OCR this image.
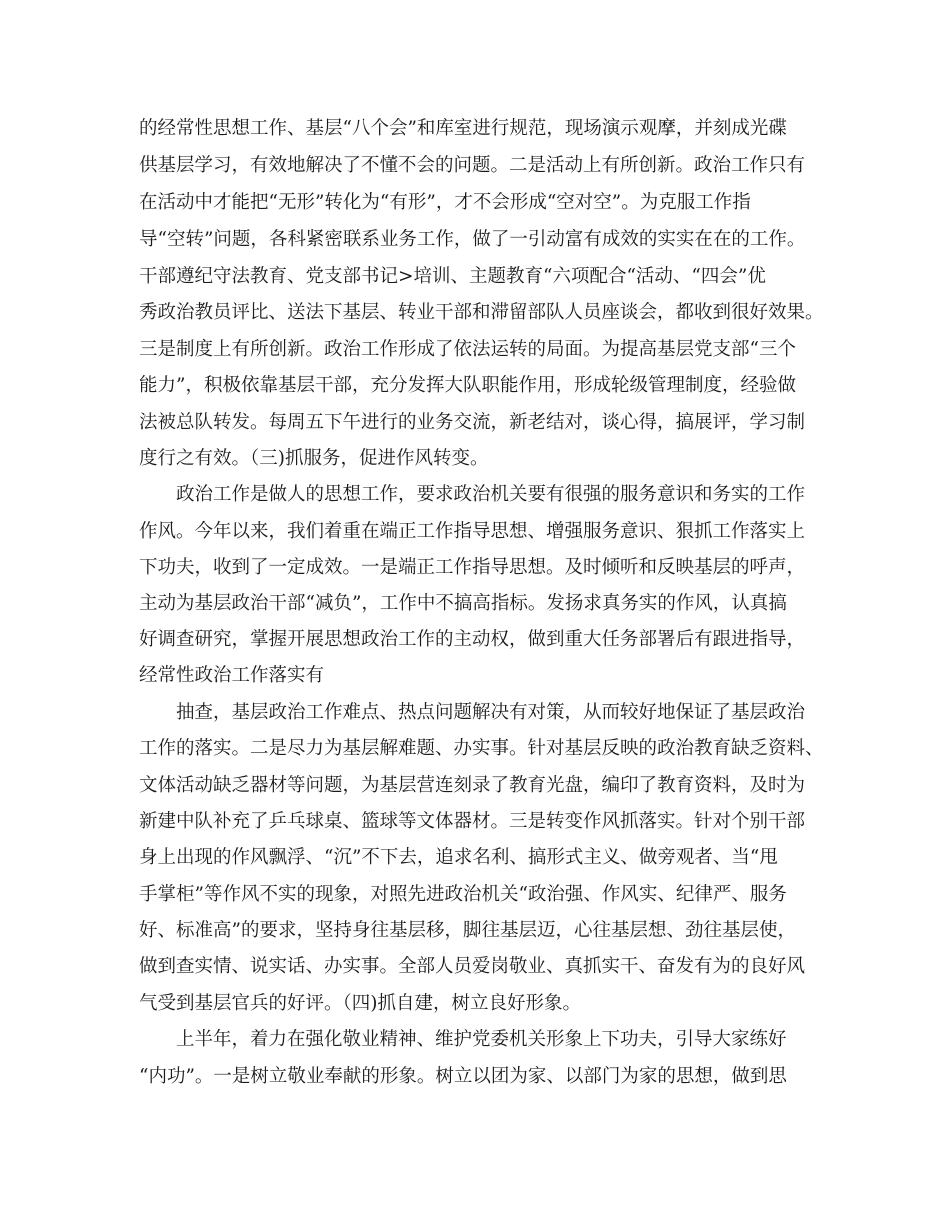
的经常性思想工作、基层“八个会”和库室进行规范，现场演示观摩，并刻成光碟
供基层学习，有效地解决了不懂不会的问题。二是活动上有所创新。政治工作只有
在活动中才能把“无形”转化为“有形”，才不会形成“空对空”。为克服工作指
导“空转”问题，各科紧密联系业务工作，做了一引动富有成效的实实在在的工作。
干部遵纪守法教育、党支部书记>培训、主题教育“六项配合“活动、“四会”优
秀政治教员评比、送法下基层、转业干部和滞留部队人员座谈会，都收到很好效果。
三是制度上有所创新。政治工作形成了依法运转的局面。为提高基层党支部“三个
能力”，积极依靠基层干部，充分发挥大队职能作用，形成轮级管理制度，经验做
法被总队转发。每周五下午进行的业务交流，新老结对，谈心得，搞展评，学习制
度行之有效。（三)抓服务，促进作风转变。
政治工作是做人的思想工作，要求政治机关要有很强的服务意识和务实的工作
作风。今年以来，我们着重在端正工作指导思想、增强服务意识、狠抓工作落实上
下功夫，收到了一定成效。一是端正工作指导思想。及时倾听和反映基层的呼声，
主动为基层政治干部“减负”，工作中不搞高指标。发扬求真务实的作风，认真搞
好调查研究，掌握开展思想政治工作的主动权，做到重大任务部署后有跟进指导，
经常性政治工作落实有
抽查，基层政治工作难点、热点问题解决有对策，从而较好地保证了基层政治
工作的落实。二是尽力为基层解难题、办实事。针对基层反映的政治教育缺乏资料、
文体活动缺乏器材等问题，为基层营连刻录了教育光盘，编印了教育资料，及时为
新建中队补充了乒乓球桌、篮球等文体器材。三是转变作风抓落实。针对个别干部
身上出现的作风飘浮、“沉”不下去，追求名利、搞形式主义、做旁观者、当“甩
手掌柜”等作风不实的现象，对照先进政治机关“政治强、作风实、纪律严、服务
好、标准高”的要求，坚持身往基层移，脚往基层迈，心往基层想、劲往基层使，
做到查实情、说实话、办实事。全部人员爱岗敬业、真抓实干、奋发有为的良好风
气受到基层官兵的好评。（四)抓自建，树立良好形象。
上半年，着力在强化敬业精神、维护党委机关形象上下功夫，引导大家练好
“内功”。一是树立敬业奉献的形象。树立以团为家、以部门为家的思想，做到思
